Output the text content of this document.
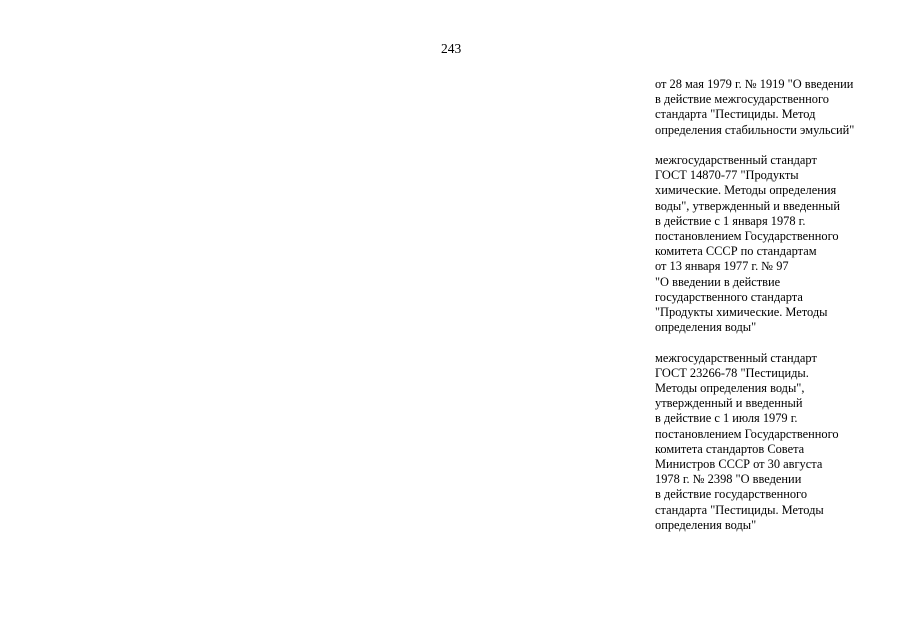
243
от 28 мая 1979 г. № 1919 "О введении
в действие межгосударственного
стандарта "Пестициды. Метод
определения стабильности эмульсий"
межгосударственный стандарт
ГОСТ 14870-77 "Продукты
химические. Методы определения
воды", утвержденный и введенный
в действие с 1 января 1978 г.
постановлением Государственного
комитета СССР по стандартам
от 13 января 1977 г. № 97
"О введении в действие
государственного стандарта
"Продукты химические. Методы
определения воды"
межгосударственный стандарт
ГОСТ 23266-78 "Пестициды.
Методы определения воды",
утвержденный и введенный
в действие с 1 июля 1979 г.
постановлением Государственного
комитета стандартов Совета
Министров СССР от 30 августа
1978 г. № 2398 "О введении
в действие государственного
стандарта "Пестициды. Методы
определения воды"
